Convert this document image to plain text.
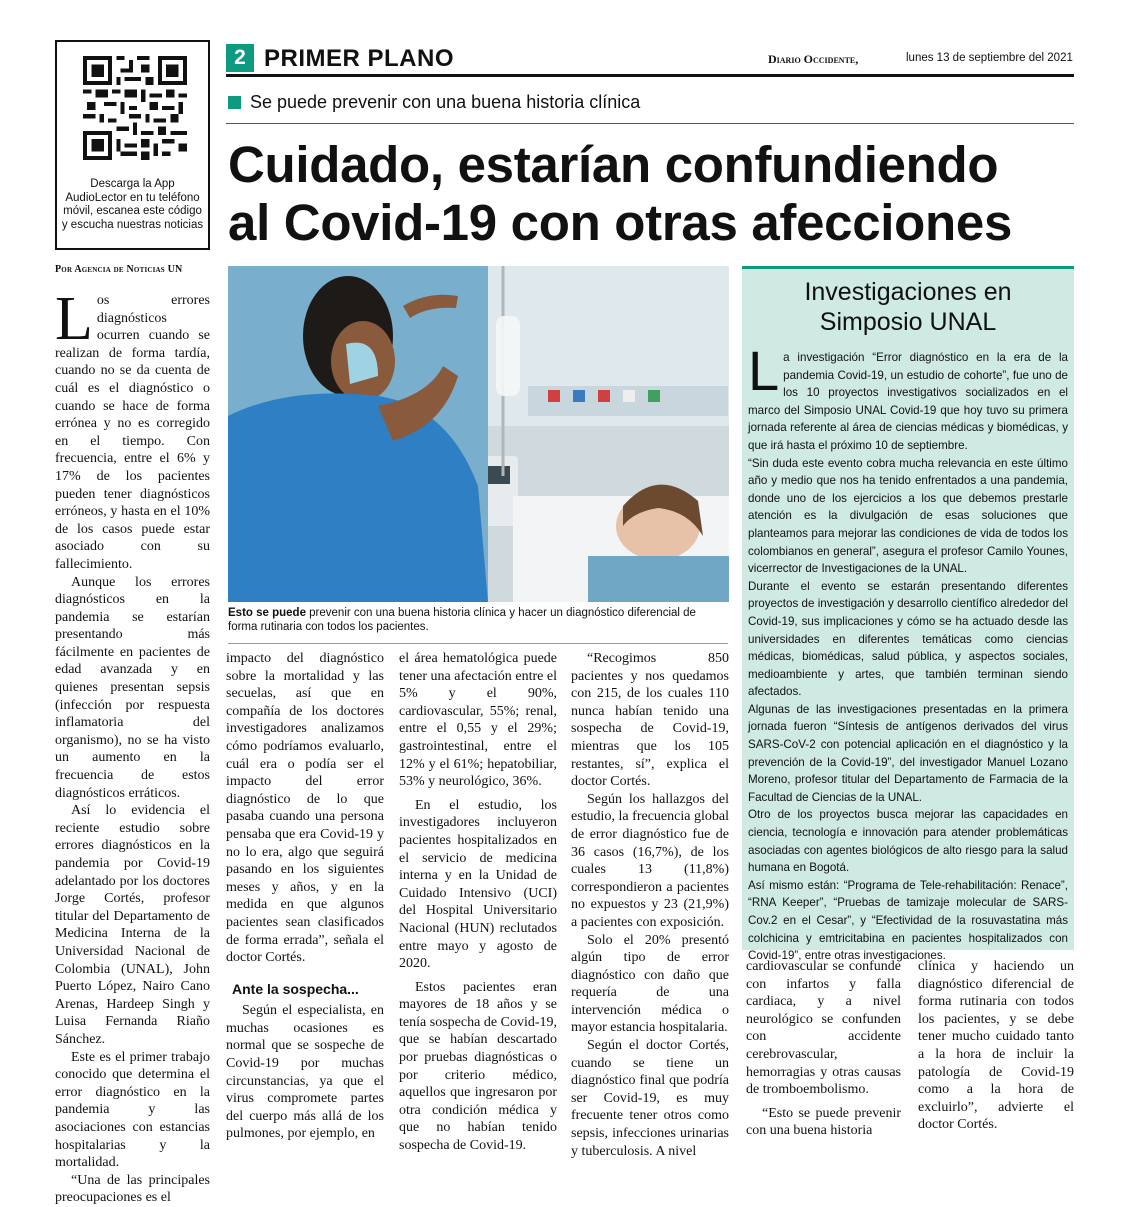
Descarga la App AudioLector en tu teléfono móvil, escanea este código y escucha nuestras noticias
2 PRIMER PLANO	Diario Occidente,	lunes 13 de septiembre del 2021
Se puede prevenir con una buena historia clínica
Cuidado, estarían confundiendo
al Covid-19 con otras afecciones
Por Agencia de Noticias UN

Los errores diagnósticos ocurren cuando se realizan de forma tardía, cuando no se da cuenta de cuál es el diagnóstico o cuando se hace de forma errónea y no es corregido en el tiempo. Con frecuencia, entre el 6% y 17% de los pacientes pueden tener diagnósticos erróneos, y hasta en el 10% de los casos puede estar asociado con su fallecimiento.

Aunque los errores diagnósticos en la pandemia se estarían presentando más fácilmente en pacientes de edad avanzada y en quienes presentan sepsis (infección por respuesta inflamatoria del organismo), no se ha visto un aumento en la frecuencia de estos diagnósticos erráticos.

Así lo evidencia el reciente estudio sobre errores diagnósticos en la pandemia por Covid-19 adelantado por los doctores Jorge Cortés, profesor titular del Departamento de Medicina Interna de la Universidad Nacional de Colombia (UNAL), John Puerto López, Nairo Cano Arenas, Hardeep Singh y Luisa Fernanda Riaño Sánchez.

Este es el primer trabajo conocido que determina el error diagnóstico en la pandemia y las asociaciones con estancias hospitalarias y la mortalidad.

“Una de las principales preocupaciones es el

Esto se puede prevenir con una buena historia clínica y hacer un diagnóstico diferencial de forma rutinaria con todos los pacientes.

impacto del diagnóstico sobre la mortalidad y las secuelas, así que en compañía de los doctores investigadores analizamos cómo podríamos evaluarlo, cuál era o podía ser el impacto del error diagnóstico de lo que pasaba cuando una persona pensaba que era Covid-19 y no lo era, algo que seguirá pasando en los siguientes meses y años, y en la medida en que algunos pacientes sean clasificados de forma errada”, señala el doctor Cortés.

Ante la sospecha...

Según el especialista, en muchas ocasiones es normal que se sospeche de Covid-19 por muchas circunstancias, ya que el virus compromete partes del cuerpo más allá de los pulmones, por ejemplo, en

el área hematológica puede tener una afectación entre el 5% y el 90%, cardiovascular, 55%; renal, entre el 0,55 y el 29%; gastrointestinal, entre el 12% y el 61%; hepatobiliar, 53% y neurológico, 36%.

En el estudio, los investigadores incluyeron pacientes hospitalizados en el servicio de medicina interna y en la Unidad de Cuidado Intensivo (UCI) del Hospital Universitario Nacional (HUN) reclutados entre mayo y agosto de 2020.

Estos pacientes eran mayores de 18 años y se tenía sospecha de Covid-19, que se habían descartado por pruebas diagnósticas o por criterio médico, aquellos que ingresaron por otra condición médica y que no habían tenido sospecha de Covid-19.

“Recogimos 850 pacientes y nos quedamos con 215, de los cuales 110 nunca habían tenido una sospecha de Covid-19, mientras que los 105 restantes, sí”, explica el doctor Cortés.

Según los hallazgos del estudio, la frecuencia global de error diagnóstico fue de 36 casos (16,7%), de los cuales 13 (11,8%) correspondieron a pacientes no expuestos y 23 (21,9%) a pacientes con exposición.

Solo el 20% presentó algún tipo de error diagnóstico con daño que requería de una intervención médica o mayor estancia hospitalaria.

Según el doctor Cortés, cuando se tiene un diagnóstico final que podría ser Covid-19, es muy frecuente tener otros como sepsis, infecciones urinarias y tuberculosis. A nivel

Investigaciones en
Simposio UNAL

La investigación “Error diagnóstico en la era de la pandemia Covid-19, un estudio de cohorte”, fue uno de los 10 proyectos investigativos socializados en el marco del Simposio UNAL Covid-19 que hoy tuvo su primera jornada referente al área de ciencias médicas y biomédicas, y que irá hasta el próximo 10 de septiembre.

“Sin duda este evento cobra mucha relevancia en este último año y medio que nos ha tenido enfrentados a una pandemia, donde uno de los ejercicios a los que debemos prestarle atención es la divulgación de esas soluciones que planteamos para mejorar las condiciones de vida de todos los colombianos en general”, asegura el profesor Camilo Younes, vicerrector de Investigaciones de la UNAL.

Durante el evento se estarán presentando diferentes proyectos de investigación y desarrollo científico alrededor del Covid-19, sus implicaciones y cómo se ha actuado desde las universidades en diferentes temáticas como ciencias médicas, biomédicas, salud pública, y aspectos sociales, medioambiente y artes, que también terminan siendo afectados.

Algunas de las investigaciones presentadas en la primera jornada fueron “Síntesis de antígenos derivados del virus SARS-CoV-2 con potencial aplicación en el diagnóstico y la prevención de la Covid-19”, del investigador Manuel Lozano Moreno, profesor titular del Departamento de Farmacia de la Facultad de Ciencias de la UNAL.

Otro de los proyectos busca mejorar las capacidades en ciencia, tecnología e innovación para atender problemáticas asociadas con agentes biológicos de alto riesgo para la salud humana en Bogotá.

Así mismo están: “Programa de Tele-rehabilitación: Renace”, “RNA Keeper”, “Pruebas de tamizaje molecular de SARS-Cov.2 en el Cesar”, y “Efectividad de la rosuvastatina más colchicina y emtricitabina en pacientes hospitalizados con Covid-19”, entre otras investigaciones.

cardiovascular se confunde con infartos y falla cardiaca, y a nivel neurológico se confunden con accidente cerebrovascular, hemorragias y otras causas de tromboembolismo.

“Esto se puede prevenir con una buena historia

clínica y haciendo un diagnóstico diferencial de forma rutinaria con todos los pacientes, y se debe tener mucho cuidado tanto a la hora de incluir la patología de Covid-19 como a la hora de excluirlo”, advierte el doctor Cortés.
